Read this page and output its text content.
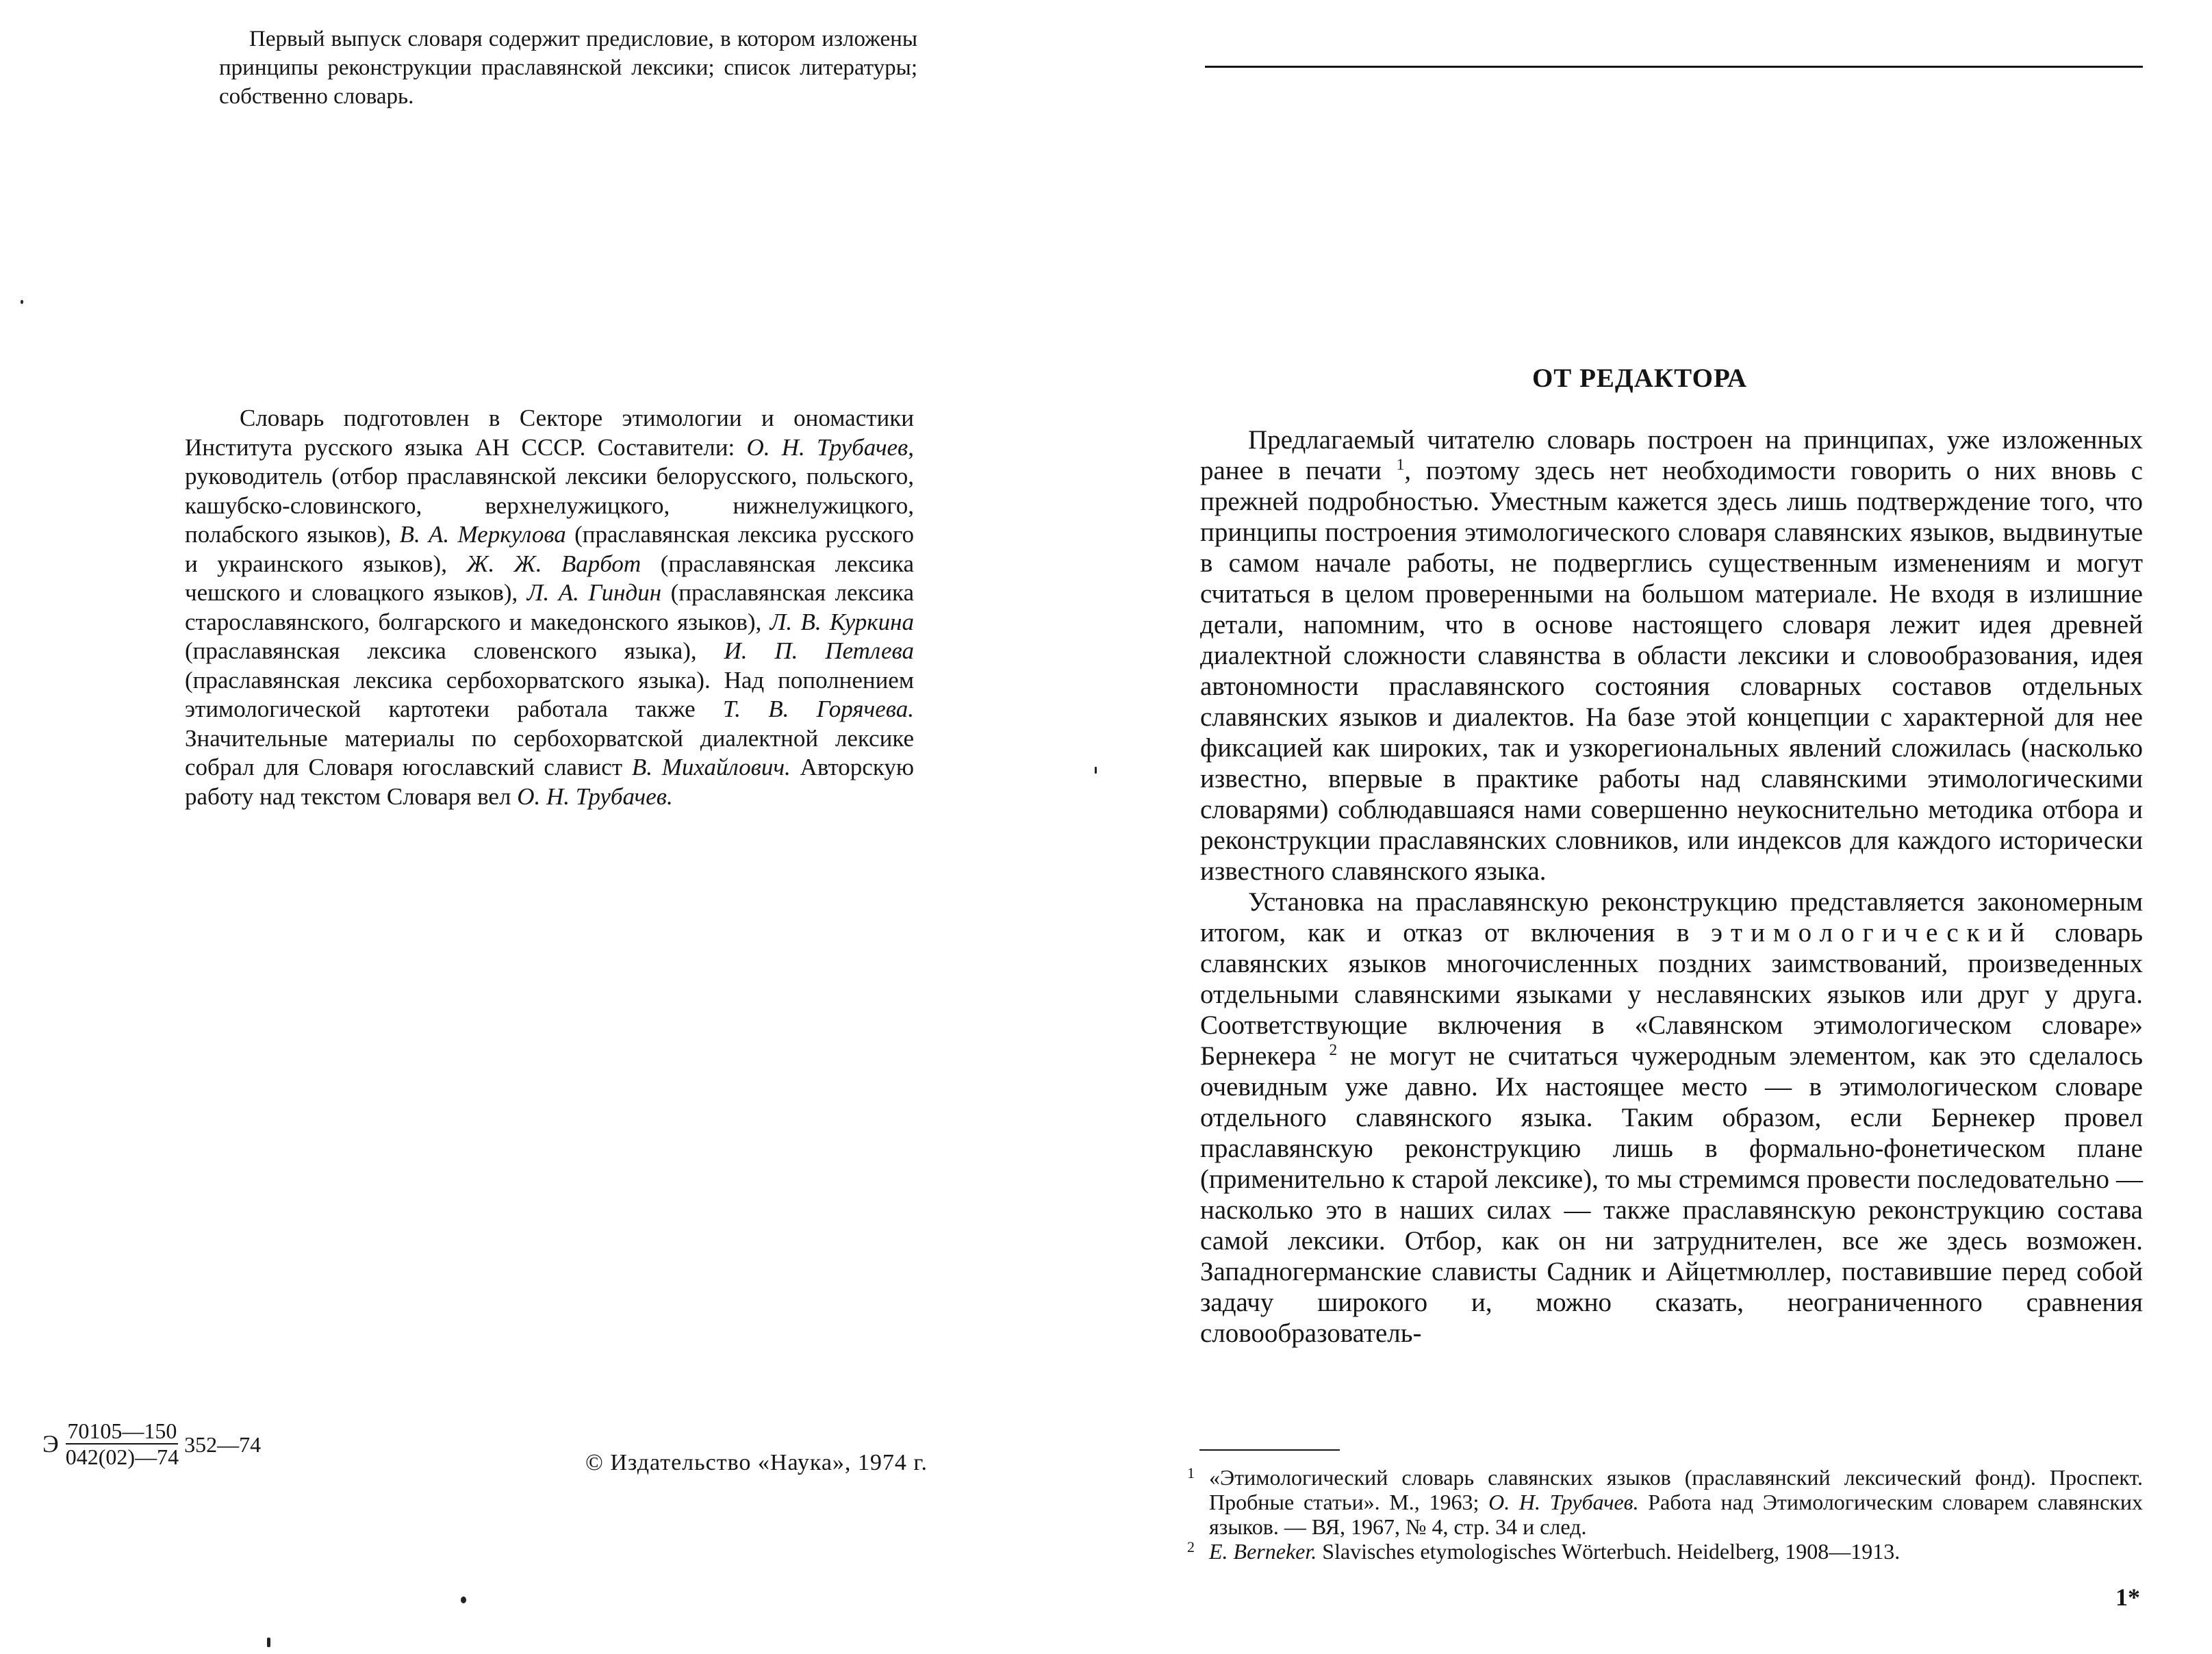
Первый выпуск словаря содержит предисловие, в котором изложены принципы реконструкции праславянской лексики; список литературы; собственно словарь.

Словарь подготовлен в Секторе этимологии и ономастики Института русского языка АН СССР. Составители: О. Н. Трубачев, руководитель (отбор праславянской лексики белорусского, польского, кашубско-словинского, верхнелужицкого, нижнелужицкого, полабского языков), В. А. Меркулова (праславянская лексика русского и украинского языков), Ж. Ж. Варбот (праславянская лексика чешского и словацкого языков), Л. А. Гиндин (праславянская лексика старославянского, болгарского и македонского языков), Л. В. Куркина (праславянская лексика словенского языка), И. П. Петлева (праславянская лексика сербохорватского языка). Над пополнением этимологической картотеки работала также Т. В. Горячева. Значительные материалы по сербохорватской диалектной лексике собрал для Словаря югославский славист В. Михайлович. Авторскую работу над текстом Словаря вел О. Н. Трубачев.

Э $\frac{70105—150}{042(02)—74}$ 352—74
© Издательство «Наука», 1974 г.
ОТ РЕДАКТОРА

Предлагаемый читателю словарь построен на принципах, уже изложенных ранее в печати $^1$, поэтому здесь нет необходимости говорить о них вновь с прежней подробностью. Уместным кажется здесь лишь подтверждение того, что принципы построения этимологического словаря славянских языков, выдвинутые в самом начале работы, не подверглись существенным изменениям и могут считаться в целом проверенными на большом материале. Не входя в излишние детали, напомним, что в основе настоящего словаря лежит идея древней диалектной сложности славянства в области лексики и словообразования, идея автономности праславянского состояния словарных составов отдельных славянских языков и диалектов. На базе этой концепции с характерной для нее фиксацией как широких, так и узкорегиональных явлений сложилась (насколько известно, впервые в практике работы над славянскими этимологическими словарями) соблюдавшаяся нами совершенно неукоснительно методика отбора и реконструкции праславянских словников, или индексов для каждого исторически известного славянского языка.

Установка на праславянскую реконструкцию представляется закономерным итогом, как и отказ от включения в этимологический словарь славянских языков многочисленных поздних заимствований, произведенных отдельными славянскими языками у неславянских языков или друг у друга. Соответствующие включения в «Славянском этимологическом словаре» Бернекера $^2$ не могут не считаться чужеродным элементом, как это сделалось очевидным уже давно. Их настоящее место — в этимологическом словаре отдельного славянского языка. Таким образом, если Бернекер провел праславянскую реконструкцию лишь в формально-фонетическом плане (применительно к старой лексике), то мы стремимся провести последовательно — насколько это в наших силах — также праславянскую реконструкцию состава самой лексики. Отбор, как он ни затруднителен, все же здесь возможен. Западногерманские слависты Садник и Айцетмюллер, поставившие перед собой задачу широкого и, можно сказать, неограниченного сравнения словообразователь-

1 «Этимологический словарь славянских языков (праславянский лексический фонд). Проспект. Пробные статьи». М., 1963; О. Н. Трубачев. Работа над Этимологическим словарем славянских языков. — ВЯ, 1967, № 4, стр. 34 и след.

2 E. Berneker. Slavisches etymologisches Wörterbuch. Heidelberg, 1908—1913.

1*
